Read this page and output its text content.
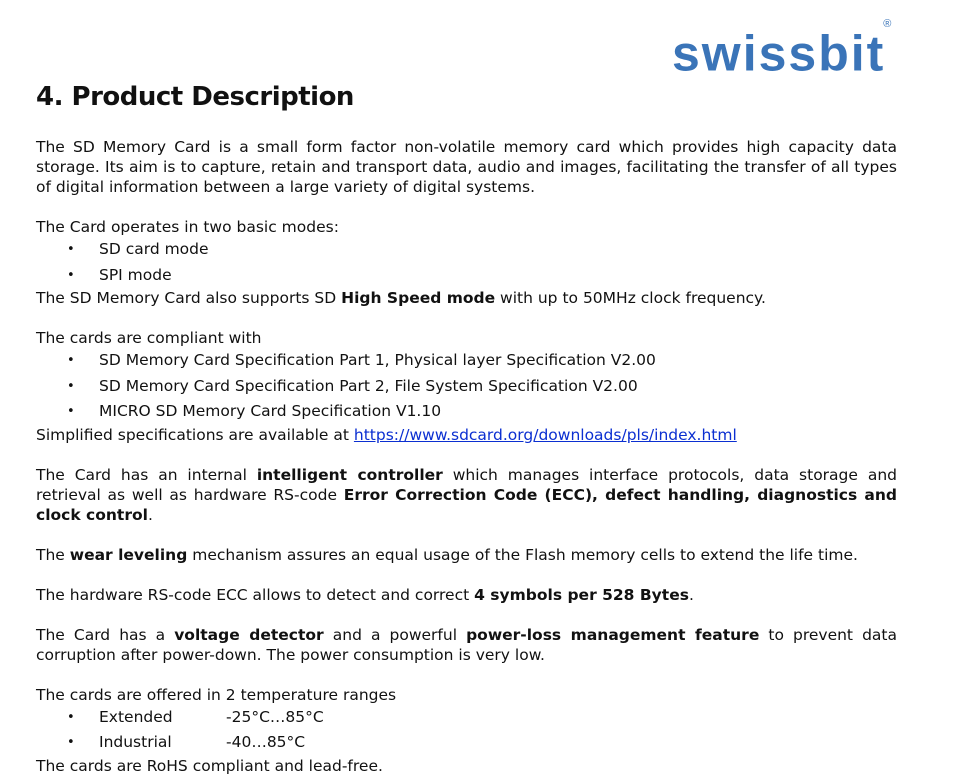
swissbit®
4. Product Description

The SD Memory Card is a small form factor non-volatile memory card which provides high capacity data storage. Its aim is to capture, retain and transport data, audio and images, facilitating the transfer of all types of digital information between a large variety of digital systems.

The Card operates in two basic modes:

• SD card mode
• SPI mode

The SD Memory Card also supports SD High Speed mode with up to 50MHz clock frequency.

The cards are compliant with

• SD Memory Card Specification Part 1, Physical layer Specification V2.00
• SD Memory Card Specification Part 2, File System Specification V2.00
• MICRO SD Memory Card Specification V1.10

Simplified specifications are available at https://www.sdcard.org/downloads/pls/index.html

The Card has an internal intelligent controller which manages interface protocols, data storage and retrieval as well as hardware RS-code Error Correction Code (ECC), defect handling, diagnostics and clock control.

The wear leveling mechanism assures an equal usage of the Flash memory cells to extend the life time.

The hardware RS-code ECC allows to detect and correct 4 symbols per 528 Bytes.

The Card has a voltage detector and a powerful power-loss management feature to prevent data corruption after power-down. The power consumption is very low.

The cards are offered in 2 temperature ranges

• Extended	-25°C…85°C
• Industrial	-40…85°C

The cards are RoHS compliant and lead-free.
